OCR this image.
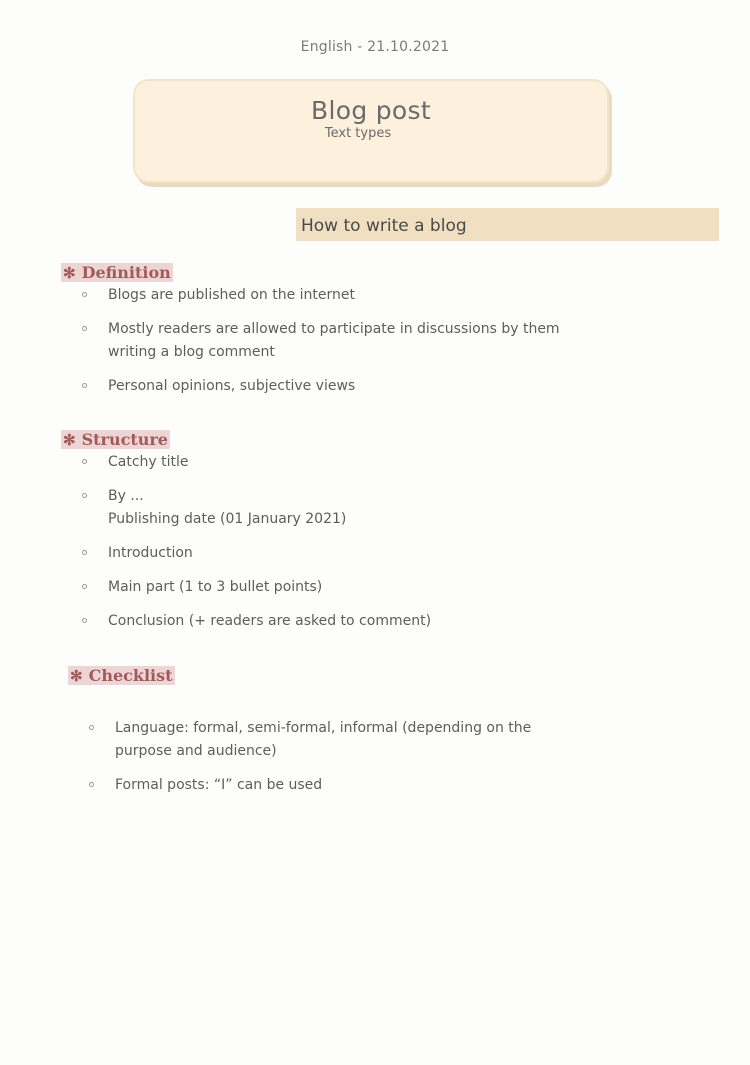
English - 21.10.2021
Blog post
Text types
How to write a blog
✻ Definition
Blogs are published on the internet
Mostly readers are allowed to participate in discussions by them
writing a blog comment
Personal opinions, subjective views
✻ Structure
Catchy title
By ...
Publishing date (01 January 2021)
Introduction
Main part (1 to 3 bullet points)
Conclusion (+ readers are asked to comment)
✻ Checklist
Language: formal, semi-formal, informal (depending on the
purpose and audience)
Formal posts: “I” can be used
